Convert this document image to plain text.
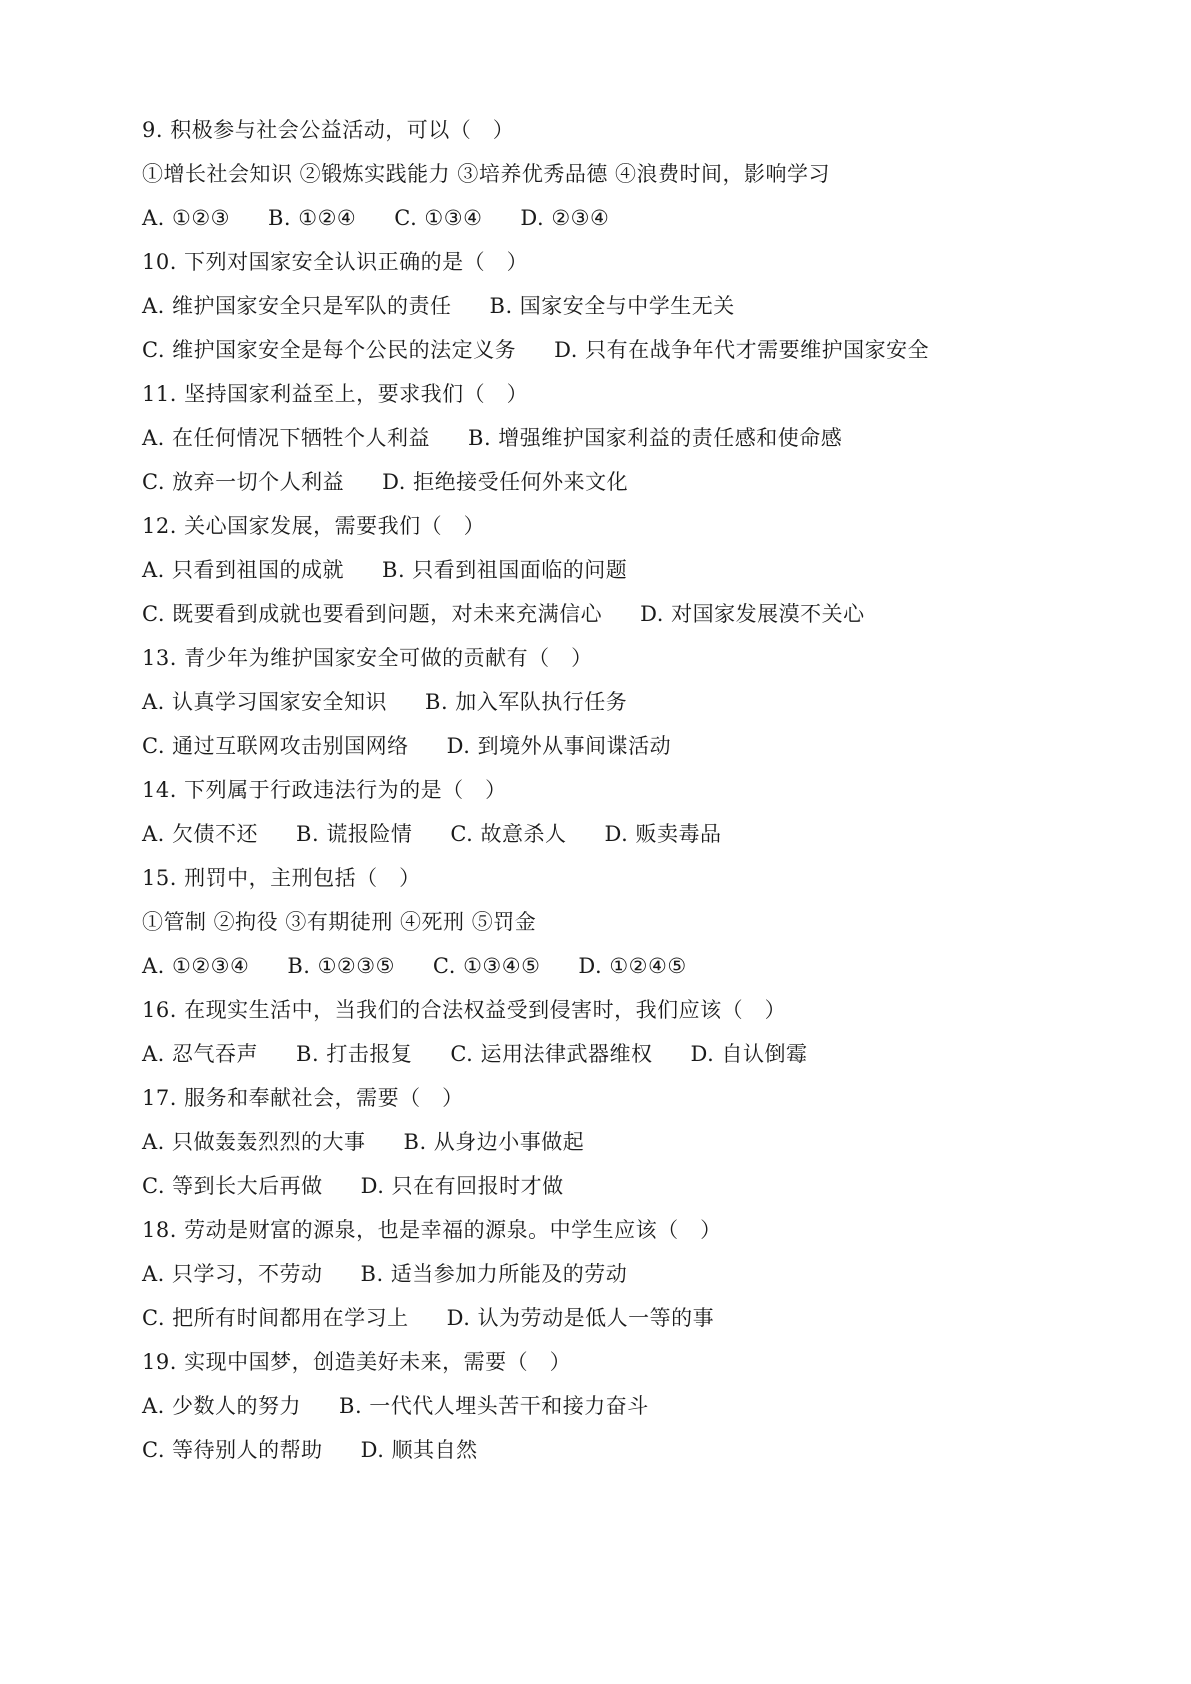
9. 积极参与社会公益活动，可以（　）
①增长社会知识 ②锻炼实践能力 ③培养优秀品德 ④浪费时间，影响学习
A. ①②③ B. ①②④ C. ①③④ D. ②③④
10. 下列对国家安全认识正确的是（　）
A. 维护国家安全只是军队的责任 B. 国家安全与中学生无关
C. 维护国家安全是每个公民的法定义务 D. 只有在战争年代才需要维护国家安全
11. 坚持国家利益至上，要求我们（　）
A. 在任何情况下牺牲个人利益 B. 增强维护国家利益的责任感和使命感
C. 放弃一切个人利益 D. 拒绝接受任何外来文化
12. 关心国家发展，需要我们（　）
A. 只看到祖国的成就 B. 只看到祖国面临的问题
C. 既要看到成就也要看到问题，对未来充满信心 D. 对国家发展漠不关心
13. 青少年为维护国家安全可做的贡献有（　）
A. 认真学习国家安全知识 B. 加入军队执行任务
C. 通过互联网攻击别国网络 D. 到境外从事间谍活动
14. 下列属于行政违法行为的是（　）
A. 欠债不还 B. 谎报险情 C. 故意杀人 D. 贩卖毒品
15. 刑罚中，主刑包括（　）
①管制 ②拘役 ③有期徒刑 ④死刑 ⑤罚金
A. ①②③④ B. ①②③⑤ C. ①③④⑤ D. ①②④⑤
16. 在现实生活中，当我们的合法权益受到侵害时，我们应该（　）
A. 忍气吞声 B. 打击报复 C. 运用法律武器维权 D. 自认倒霉
17. 服务和奉献社会，需要（　）
A. 只做轰轰烈烈的大事 B. 从身边小事做起
C. 等到长大后再做 D. 只在有回报时才做
18. 劳动是财富的源泉，也是幸福的源泉。中学生应该（　）
A. 只学习，不劳动 B. 适当参加力所能及的劳动
C. 把所有时间都用在学习上 D. 认为劳动是低人一等的事
19. 实现中国梦，创造美好未来，需要（　）
A. 少数人的努力 B. 一代代人埋头苦干和接力奋斗
C. 等待别人的帮助 D. 顺其自然
